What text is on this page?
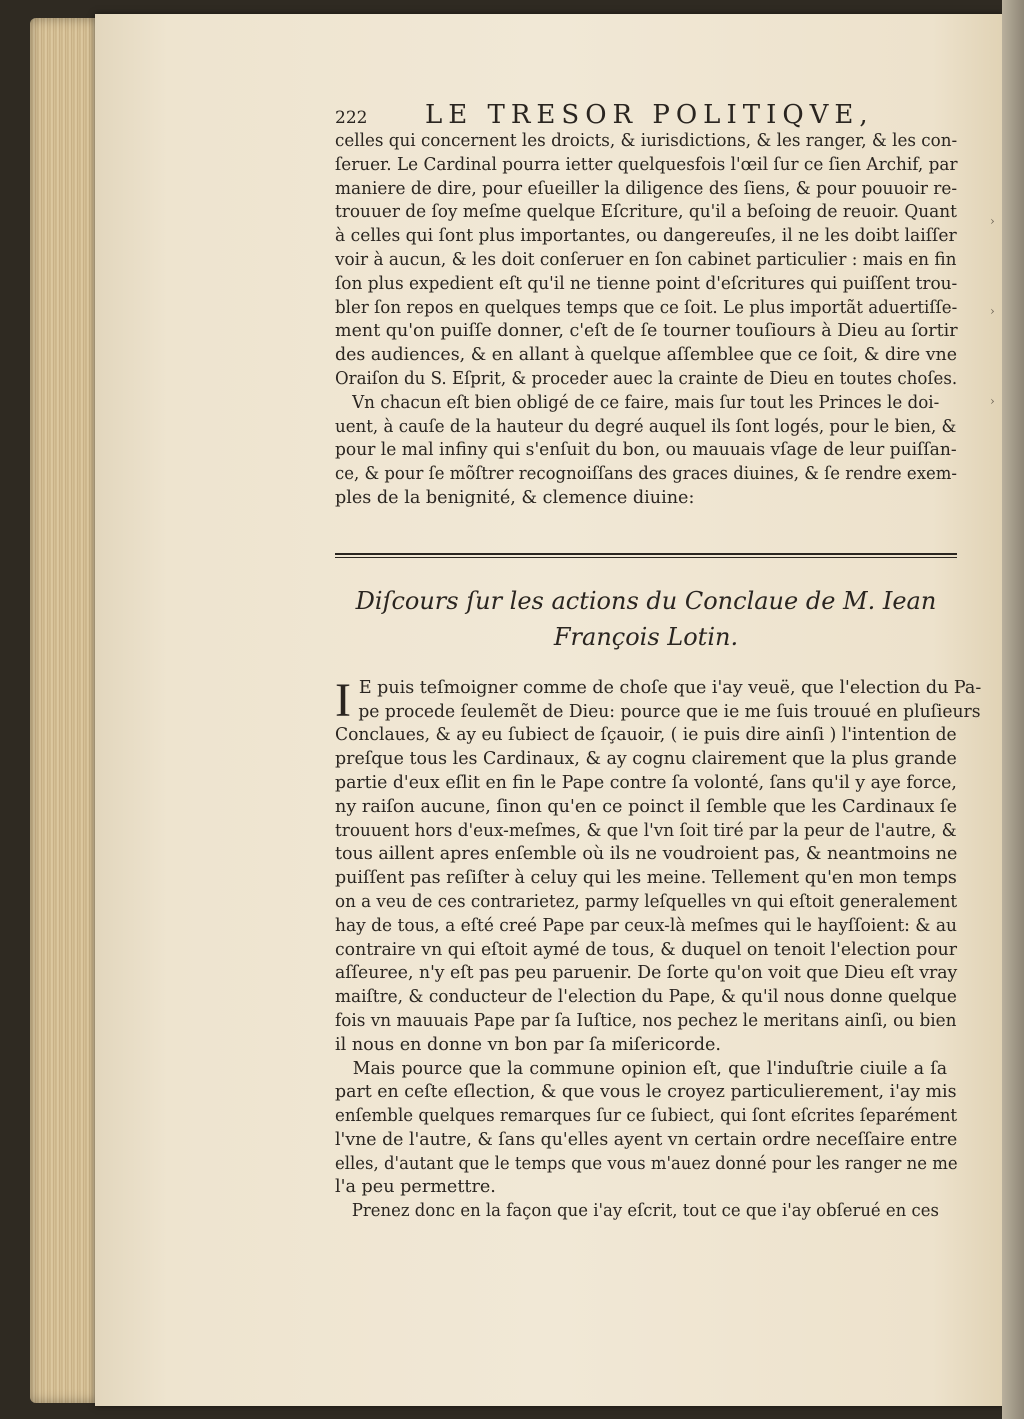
222	LE TRESOR POLITIQVE,

celles qui concernent les droicts, & iurisdictions, & les ranger, & les con-
ſeruer. Le Cardinal pourra ietter quelquesfois l'œil ſur ce ſien Archif, par
maniere de dire, pour eſueiller la diligence des ſiens, & pour pouuoir re-
trouuer de ſoy meſme quelque Eſcriture, qu'il a beſoing de reuoir. Quant
à celles qui ſont plus importantes, ou dangereuſes, il ne les doibt laiſſer
voir à aucun, & les doit conſeruer en ſon cabinet particulier : mais en fin
ſon plus expedient eſt qu'il ne tienne point d'eſcritures qui puiſſent trou-
bler ſon repos en quelques temps que ce ſoit. Le plus importãt aduertiſſe-
ment qu'on puiſſe donner, c'eſt de ſe tourner touſiours à Dieu au ſortir
des audiences, & en allant à quelque aſſemblee que ce ſoit, & dire vne
Oraiſon du S. Eſprit, & proceder auec la crainte de Dieu en toutes choſes.

Vn chacun eſt bien obligé de ce faire, mais ſur tout les Princes le doi-
uent, à cauſe de la hauteur du degré auquel ils ſont logés, pour le bien, &
pour le mal infiny qui s'enſuit du bon, ou mauuais vſage de leur puiſſan-
ce, & pour ſe mõſtrer recognoiſſans des graces diuines, & ſe rendre exem-
ples de la benignité, & clemence diuine:

Diſcours ſur les actions du Conclaue de M. Iean
François Lotin.

I E puis teſmoigner comme de choſe que i'ay veuë, que l'election du Pa-
pe procede ſeulemẽt de Dieu: pource que ie me ſuis trouué en pluſieurs
Conclaues, & ay eu ſubiect de ſçauoir, ( ie puis dire ainſi ) l'intention de
preſque tous les Cardinaux, & ay cognu clairement que la plus grande
partie d'eux eſlit en fin le Pape contre ſa volonté, ſans qu'il y aye force,
ny raiſon aucune, ſinon qu'en ce poinct il ſemble que les Cardinaux ſe
trouuent hors d'eux-meſmes, & que l'vn ſoit tiré par la peur de l'autre, &
tous aillent apres enſemble où ils ne voudroient pas, & neantmoins ne
puiſſent pas reſiſter à celuy qui les meine. Tellement qu'en mon temps
on a veu de ces contrarietez, parmy leſquelles vn qui eſtoit generalement
hay de tous, a eſté creé Pape par ceux-là meſmes qui le hayſſoient: & au
contraire vn qui eſtoit aymé de tous, & duquel on tenoit l'election pour
aſſeuree, n'y eſt pas peu paruenir. De ſorte qu'on voit que Dieu eſt vray
maiſtre, & conducteur de l'election du Pape, & qu'il nous donne quelque
fois vn mauuais Pape par ſa Iuſtice, nos pechez le meritans ainſi, ou bien
il nous en donne vn bon par ſa miſericorde.

Mais pource que la commune opinion eſt, que l'induſtrie ciuile a ſa
part en ceſte eſlection, & que vous le croyez particulierement, i'ay mis
enſemble quelques remarques ſur ce ſubiect, qui ſont eſcrites ſeparément
l'vne de l'autre, & ſans qu'elles ayent vn certain ordre neceſſaire entre
elles, d'autant que le temps que vous m'auez donné pour les ranger ne me
l'a peu permettre.

Prenez donc en la façon que i'ay eſcrit, tout ce que i'ay obſerué en ces

›
›
›
